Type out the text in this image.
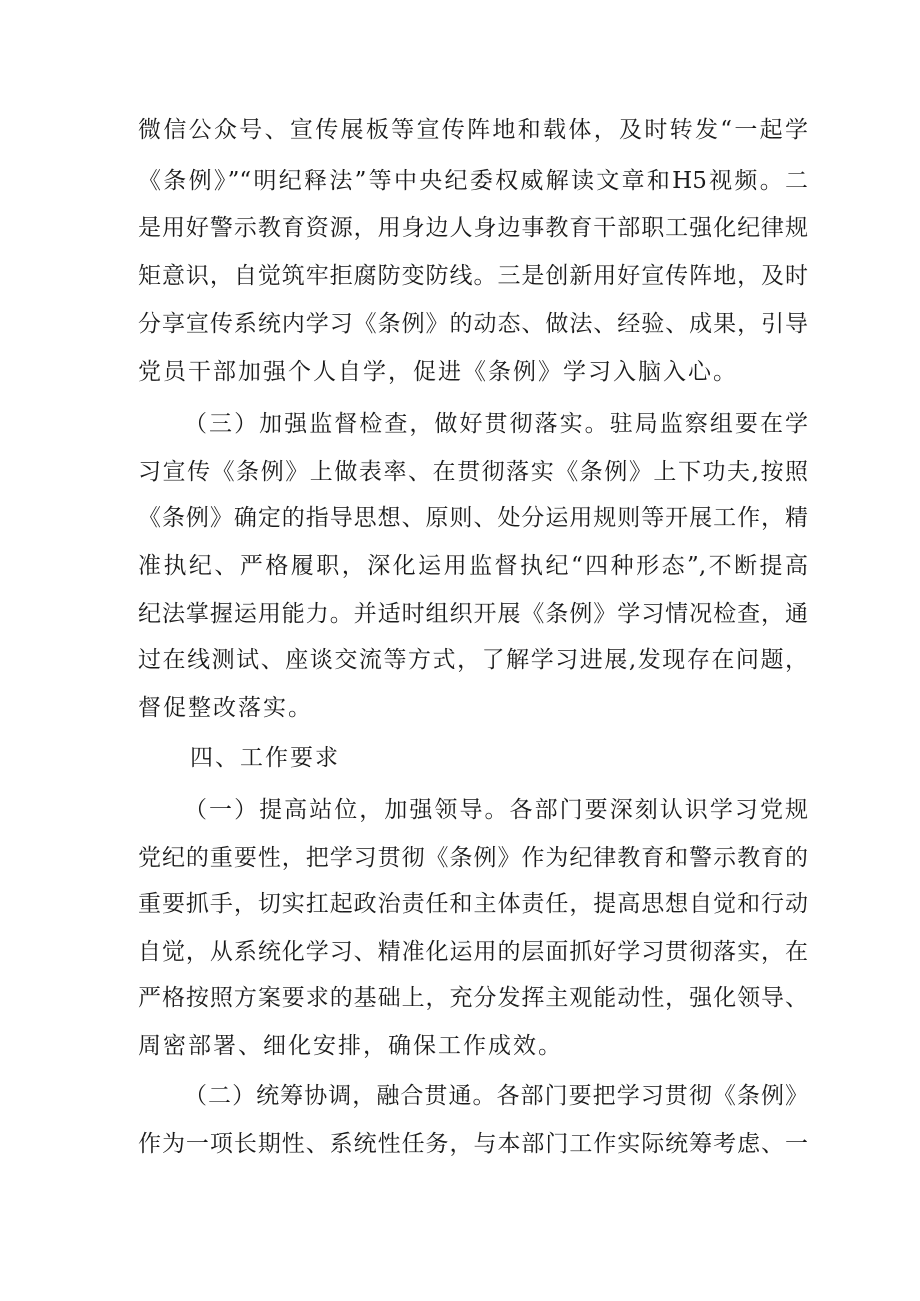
微信公众号、宣传展板等宣传阵地和载体，及时转发“一起学
《条例》”“明纪释法”等中央纪委权威解读文章和H5视频。二
是用好警示教育资源，用身边人身边事教育干部职工强化纪律规
矩意识，自觉筑牢拒腐防变防线。三是创新用好宣传阵地，及时
分享宣传系统内学习《条例》的动态、做法、经验、成果，引导
党员干部加强个人自学，促进《条例》学习入脑入心。
（三）加强监督检查，做好贯彻落实。驻局监察组要在学
习宣传《条例》上做表率、在贯彻落实《条例》上下功夫,按照
《条例》确定的指导思想、原则、处分运用规则等开展工作，精
准执纪、严格履职，深化运用监督执纪“四种形态”,不断提高
纪法掌握运用能力。并适时组织开展《条例》学习情况检查，通
过在线测试、座谈交流等方式，了解学习进展,发现存在问题，
督促整改落实。
四、工作要求
（一）提高站位，加强领导。各部门要深刻认识学习党规
党纪的重要性，把学习贯彻《条例》作为纪律教育和警示教育的
重要抓手，切实扛起政治责任和主体责任，提高思想自觉和行动
自觉，从系统化学习、精准化运用的层面抓好学习贯彻落实，在
严格按照方案要求的基础上，充分发挥主观能动性，强化领导、
周密部署、细化安排，确保工作成效。
（二）统筹协调，融合贯通。各部门要把学习贯彻《条例》
作为一项长期性、系统性任务，与本部门工作实际统筹考虑、一
